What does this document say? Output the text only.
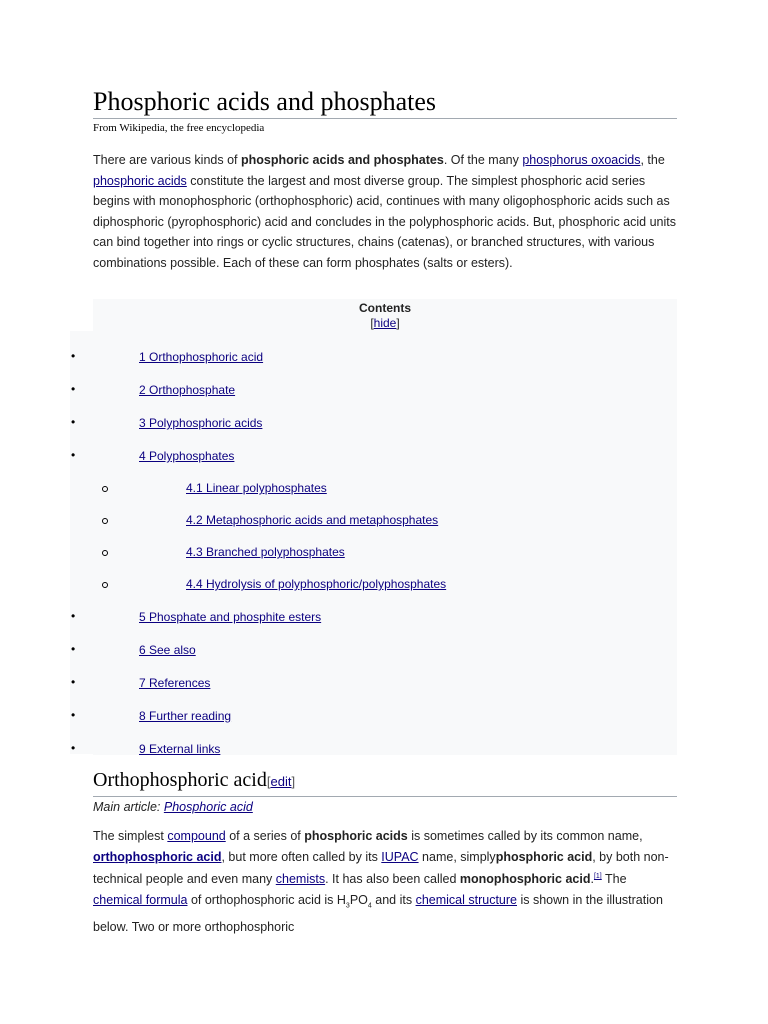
Phosphoric acids and phosphates
From Wikipedia, the free encyclopedia

There are various kinds of phosphoric acids and phosphates. Of the many phosphorus oxoacids, the phosphoric acids constitute the largest and most diverse group. The simplest phosphoric acid series begins with monophosphoric (orthophosphoric) acid, continues with many oligophosphoric acids such as diphosphoric (pyrophosphoric) acid and concludes in the polyphosphoric acids. But, phosphoric acid units can bind together into rings or cyclic structures, chains (catenas), or branched structures, with various combinations possible. Each of these can form phosphates (salts or esters).

Contents
[hide]
•	1 Orthophosphoric acid
•	2 Orthophosphate
•	3 Polyphosphoric acids
•	4 Polyphosphates
4.1 Linear polyphosphates
4.2 Metaphosphoric acids and metaphosphates
4.3 Branched polyphosphates
4.4 Hydrolysis of polyphosphoric/polyphosphates
•	5 Phosphate and phosphite esters
•	6 See also
•	7 References
•	8 Further reading
•	9 External links
Orthophosphoric acid[edit]
Main article: Phosphoric acid

The simplest compound of a series of phosphoric acids is sometimes called by its common name, orthophosphoric acid, but more often called by its IUPAC name, simplyphosphoric acid, by both non-technical people and even many chemists. It has also been called monophosphoric acid.[1] The chemical formula of orthophosphoric acid is $H_3PO_4$ and its chemical structure is shown in the illustration below. Two or more orthophosphoric
